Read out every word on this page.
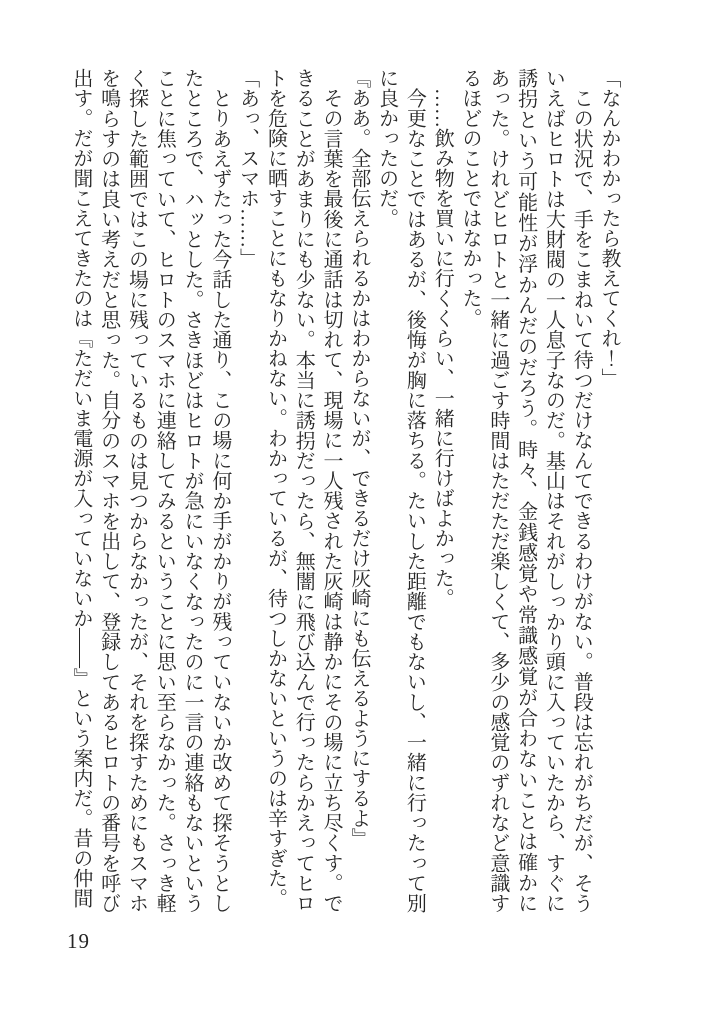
「なんかわかったら教えてくれ！」

この状況で、手をこまねいて待つだけなんてできるわけがない。普段は忘れがちだが、そういえばヒロトは大財閥の一人息子なのだ。基山はそれがしっかり頭に入っていたから、すぐに誘拐という可能性が浮かんだのだろう。時々、金銭感覚や常識感覚が合わないことは確かにあった。けれどヒロトと一緒に過ごす時間はただただ楽しくて、多少の感覚のずれなど意識するほどのことではなかった。

……飲み物を買いに行くくらい、一緒に行けばよかった。

今更なことではあるが、後悔が胸に落ちる。たいした距離でもないし、一緒に行ったって別に良かったのだ。

『ああ。全部伝えられるかはわからないが、できるだけ灰崎にも伝えるようにするよ』

その言葉を最後に通話は切れて、現場に一人残された灰崎は静かにその場に立ち尽くす。できることがあまりにも少ない。本当に誘拐だったら、無闇に飛び込んで行ったらかえってヒロトを危険に晒すことにもなりかねない。わかっているが、待つしかないというのは辛すぎた。

「あっ、スマホ……」

とりあえずたった今話した通り、この場に何か手がかりが残っていないか改めて探そうとしたところで、ハッとした。さきほどはヒロトが急にいなくなったのに一言の連絡もないということに焦っていて、ヒロトのスマホに連絡してみるということに思い至らなかった。さっき軽く探した範囲ではこの場に残っているものは見つからなかったが、それを探すためにもスマホを鳴らすのは良い考えだと思った。自分のスマホを出して、登録してあるヒロトの番号を呼び出す。だが聞こえてきたのは『ただいま電源が入っていないか――』という案内だ。昔の仲間

19
